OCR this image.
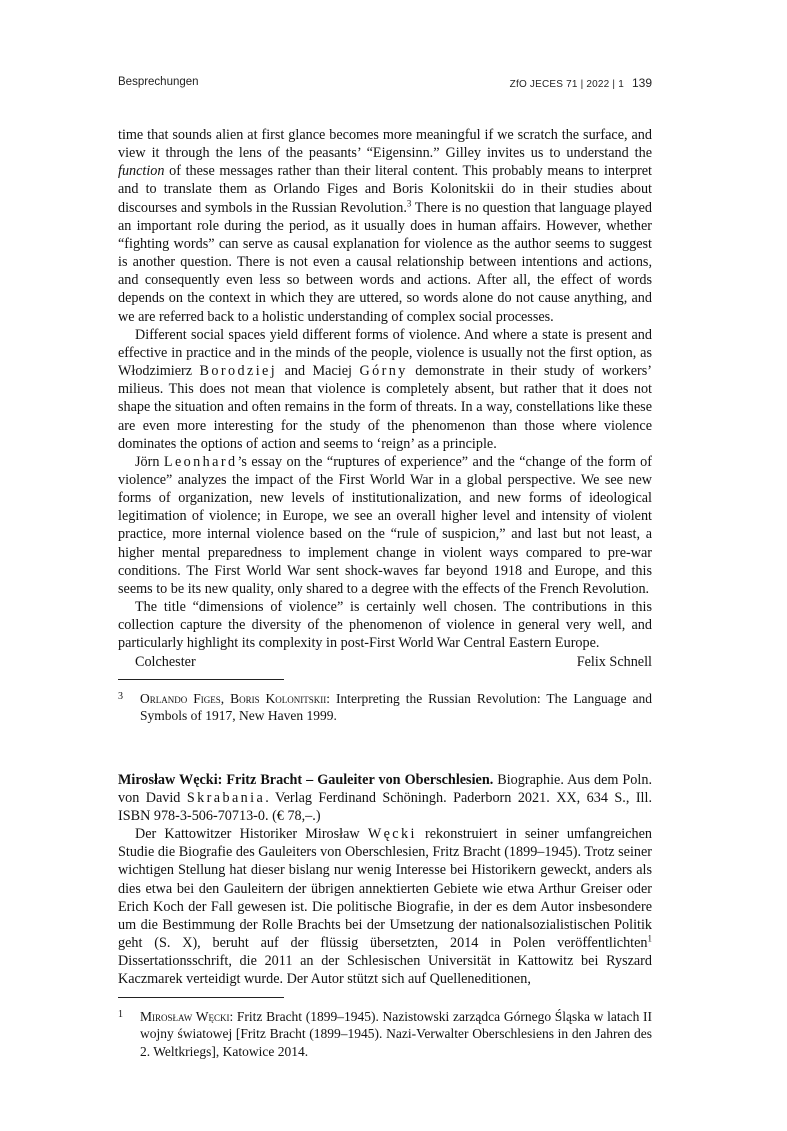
Besprechungen	ZfO JECES 71 | 2022 | 1 139

time that sounds alien at first glance becomes more meaningful if we scratch the surface, and view it through the lens of the peasants’ “Eigensinn.” Gilley invites us to understand the function of these messages rather than their literal content. This probably means to interpret and to translate them as Orlando Figes and Boris Kolonitskii do in their studies about discourses and symbols in the Russian Revolution.$^3$ There is no question that language played an important role during the period, as it usually does in human affairs. However, whether “fighting words” can serve as causal explanation for violence as the author seems to suggest is another question. There is not even a causal relationship between intentions and actions, and consequently even less so between words and actions. After all, the effect of words depends on the context in which they are uttered, so words alone do not cause anything, and we are referred back to a holistic understanding of complex social processes.

Different social spaces yield different forms of violence. And where a state is present and effective in practice and in the minds of the people, violence is usually not the first option, as Włodzimierz Borodziej and Maciej Górny demonstrate in their study of workers’ milieus. This does not mean that violence is completely absent, but rather that it does not shape the situation and often remains in the form of threats. In a way, constellations like these are even more interesting for the study of the phenomenon than those where violence dominates the options of action and seems to ‘reign’ as a principle.

Jörn Leonhard’s essay on the “ruptures of experience” and the “change of the form of violence” analyzes the impact of the First World War in a global perspective. We see new forms of organization, new levels of institutionalization, and new forms of ideological legitimation of violence; in Europe, we see an overall higher level and intensity of violent practice, more internal violence based on the “rule of suspicion,” and last but not least, a higher mental preparedness to implement change in violent ways compared to pre-war conditions. The First World War sent shock-waves far beyond 1918 and Europe, and this seems to be its new quality, only shared to a degree with the effects of the French Revolution.

The title “dimensions of violence” is certainly well chosen. The contributions in this collection capture the diversity of the phenomenon of violence in general very well, and particularly highlight its complexity in post-First World War Central Eastern Europe.

Colchester	Felix Schnell

3	Orlando Figes, Boris Kolonitskii: Interpreting the Russian Revolution: The Language and Symbols of 1917, New Haven 1999.

Mirosław Węcki: Fritz Bracht – Gauleiter von Oberschlesien. Biographie. Aus dem Poln. von David Skrabania. Verlag Ferdinand Schöningh. Paderborn 2021. XX, 634 S., Ill. ISBN 978-3-506-70713-0. (€ 78,–.)

Der Kattowitzer Historiker Mirosław Węcki rekonstruiert in seiner umfangreichen Studie die Biografie des Gauleiters von Oberschlesien, Fritz Bracht (1899–1945). Trotz seiner wichtigen Stellung hat dieser bislang nur wenig Interesse bei Historikern geweckt, anders als dies etwa bei den Gauleitern der übrigen annektierten Gebiete wie etwa Arthur Greiser oder Erich Koch der Fall gewesen ist. Die politische Biografie, in der es dem Autor insbesondere um die Bestimmung der Rolle Brachts bei der Umsetzung der nationalsozialistischen Politik geht (S. X), beruht auf der flüssig übersetzten, 2014 in Polen veröffentlichten$^1$ Dissertationsschrift, die 2011 an der Schlesischen Universität in Kattowitz bei Ryszard Kaczmarek verteidigt wurde. Der Autor stützt sich auf Quelleneditionen,

1	Mirosław Węcki: Fritz Bracht (1899–1945). Nazistowski zarządca Górnego Śląska w latach II wojny światowej [Fritz Bracht (1899–1945). Nazi-Verwalter Oberschlesiens in den Jahren des 2. Weltkriegs], Katowice 2014.
